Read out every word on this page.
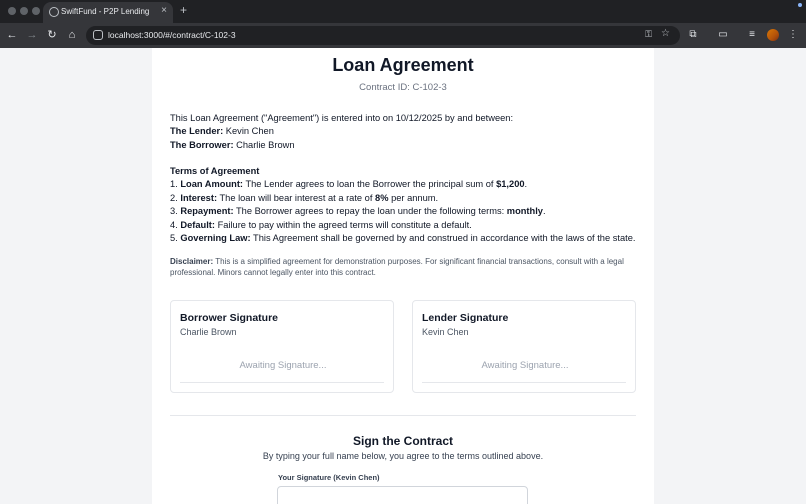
SwiftFund - P2P Lending × +
← → ↻	⌂	localhost:3000/#/contract/C-102-3	⚿ ☆	⧉	▭	≡	⋮
Loan Agreement
Contract ID: C-102-3
This Loan Agreement ("Agreement") is entered into on 10/12/2025 by and between:
The Lender: Kevin Chen
The Borrower: Charlie Brown
Terms of Agreement
1. Loan Amount: The Lender agrees to loan the Borrower the principal sum of $1,200.
2. Interest: The loan will bear interest at a rate of 8% per annum.
3. Repayment: The Borrower agrees to repay the loan under the following terms: monthly.
4. Default: Failure to pay within the agreed terms will constitute a default.
5. Governing Law: This Agreement shall be governed by and construed in accordance with the laws of the state.
Disclaimer: This is a simplified agreement for demonstration purposes. For significant financial transactions, consult with a legal professional. Minors cannot legally enter into this contract.
Borrower Signature
Charlie Brown
Awaiting Signature...
Lender Signature
Kevin Chen
Awaiting Signature...
Sign the Contract
By typing your full name below, you agree to the terms outlined above.
Your Signature (Kevin Chen)
